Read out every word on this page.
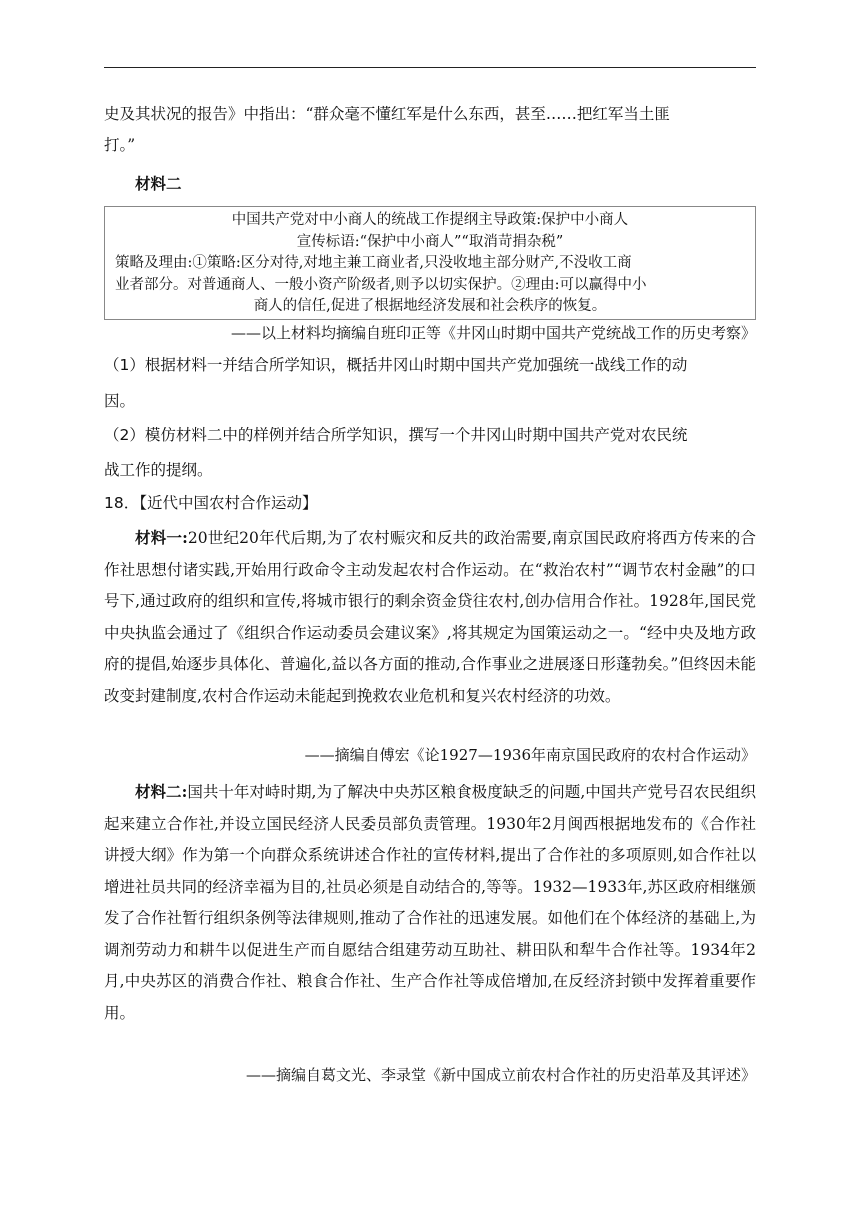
史及其状况的报告》中指出：“群众毫不懂红军是什么东西，甚至……把红军当土匪

打。”

材料二

中国共产党对中小商人的统战工作提纲主导政策:保护中小商人
宣传标语:“保护中小商人”“取消苛捐杂税”
策略及理由:①策略:区分对待,对地主兼工商业者,只没收地主部分财产,不没收工商
业者部分。对普通商人、一般小资产阶级者,则予以切实保护。②理由:可以赢得中小
商人的信任,促进了根据地经济发展和社会秩序的恢复。

——以上材料均摘编自班印正等《井冈山时期中国共产党统战工作的历史考察》

（1）根据材料一并结合所学知识，概括井冈山时期中国共产党加强统一战线工作的动

因。

（2）模仿材料二中的样例并结合所学知识，撰写一个井冈山时期中国共产党对农民统

战工作的提纲。

18．【近代中国农村合作运动】

材料一:20世纪20年代后期,为了农村赈灾和反共的政治需要,南京国民政府将西方传来的合作社思想付诸实践,开始用行政命令主动发起农村合作运动。在“救治农村”“调节农村金融”的口号下,通过政府的组织和宣传,将城市银行的剩余资金贷往农村,创办信用合作社。1928年,国民党中央执监会通过了《组织合作运动委员会建议案》,将其规定为国策运动之一。“经中央及地方政府的提倡,始逐步具体化、普遍化,益以各方面的推动,合作事业之进展逐日形蓬勃矣。”但终因未能改变封建制度,农村合作运动未能起到挽救农业危机和复兴农村经济的功效。

——摘编自傅宏《论1927—1936年南京国民政府的农村合作运动》

材料二:国共十年对峙时期,为了解决中央苏区粮食极度缺乏的问题,中国共产党号召农民组织起来建立合作社,并设立国民经济人民委员部负责管理。1930年2月闽西根据地发布的《合作社讲授大纲》作为第一个向群众系统讲述合作社的宣传材料,提出了合作社的多项原则,如合作社以增进社员共同的经济幸福为目的,社员必须是自动结合的,等等。1932—1933年,苏区政府相继颁发了合作社暂行组织条例等法律规则,推动了合作社的迅速发展。如他们在个体经济的基础上,为调剂劳动力和耕牛以促进生产而自愿结合组建劳动互助社、耕田队和犁牛合作社等。1934年2月,中央苏区的消费合作社、粮食合作社、生产合作社等成倍增加,在反经济封锁中发挥着重要作用。

——摘编自葛文光、李录堂《新中国成立前农村合作社的历史沿革及其评述》
